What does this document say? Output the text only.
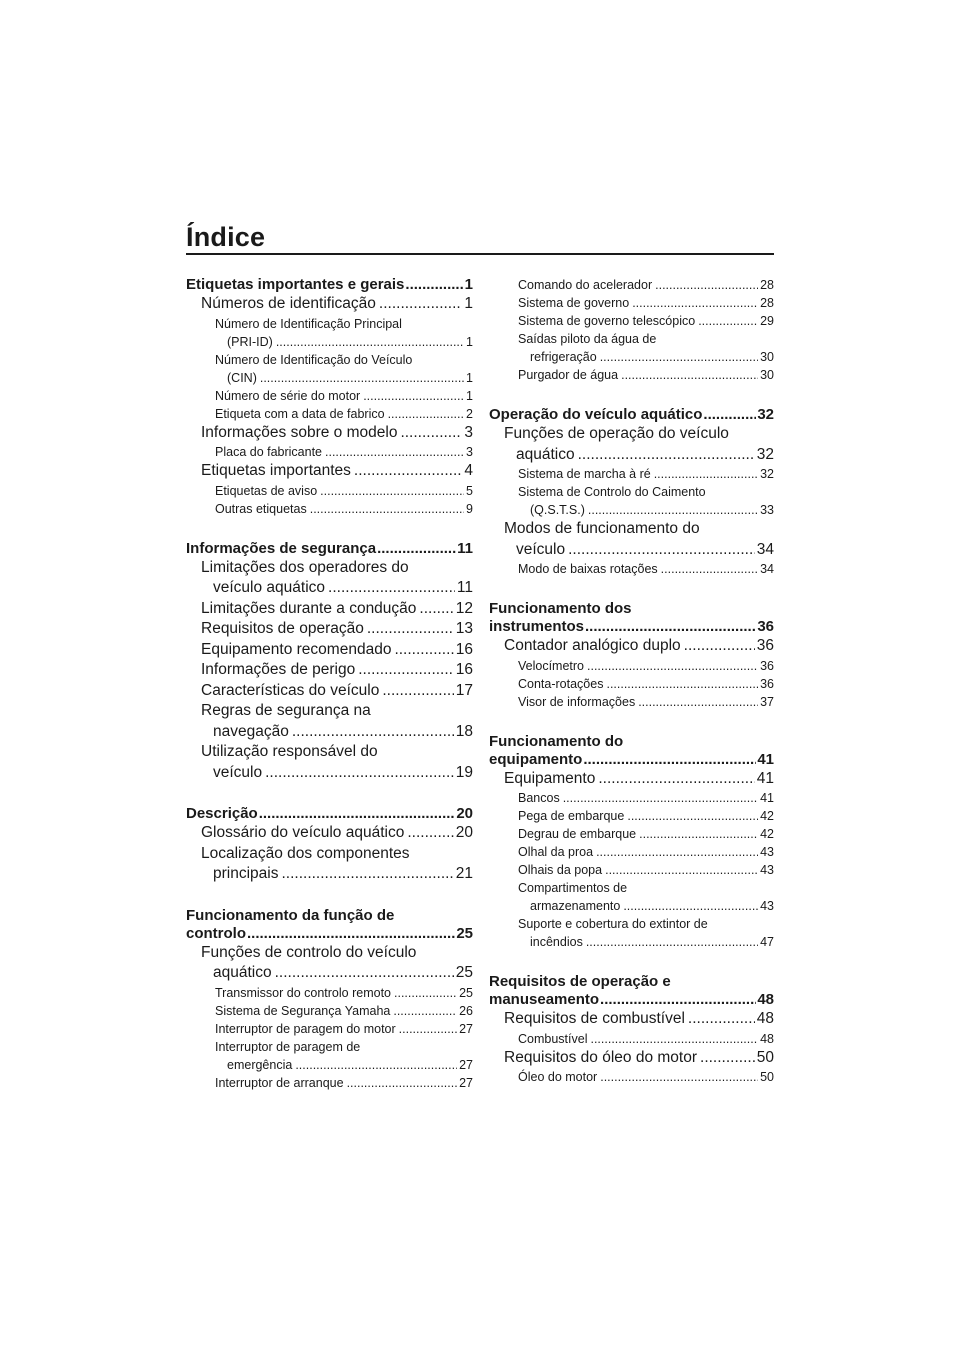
Índice
Etiquetas importantes e gerais .....	1
Números de identificação .....	1
Número de Identificação Principal
(PRI-ID) .....	1
Número de Identificação do Veículo
(CIN) .....	1
Número de série do motor .....	1
Etiqueta com a data de fabrico .....	2
Informações sobre o modelo .....	3
Placa do fabricante .....	3
Etiquetas importantes .....	4
Etiquetas de aviso .....	5
Outras etiquetas .....	9
Informações de segurança .....	11
Limitações dos operadores do
veículo aquático .....	11
Limitações durante a condução .....	12
Requisitos de operação .....	13
Equipamento recomendado .....	16
Informações de perigo .....	16
Características do veículo .....	17
Regras de segurança na
navegação .....	18
Utilização responsável do
veículo .....	19
Descrição .....	20
Glossário do veículo aquático .....	20
Localização dos componentes
principais .....	21
Funcionamento da função de
controlo .....	25
Funções de controlo do veículo
aquático .....	25
Transmissor do controlo remoto .....	25
Sistema de Segurança Yamaha .....	26
Interruptor de paragem do motor .....	27
Interruptor de paragem de
emergência .....	27
Interruptor de arranque .....	27
Comando do acelerador .....	28
Sistema de governo .....	28
Sistema de governo telescópico .....	29
Saídas piloto da água de
refrigeração .....	30
Purgador de água .....	30
Operação do veículo aquático .....	32
Funções de operação do veículo
aquático .....	32
Sistema de marcha à ré .....	32
Sistema de Controlo do Caimento
(Q.S.T.S.) .....	33
Modos de funcionamento do
veículo .....	34
Modo de baixas rotações .....	34
Funcionamento dos
instrumentos .....	36
Contador analógico duplo .....	36
Velocímetro .....	36
Conta-rotações .....	36
Visor de informações .....	37
Funcionamento do
equipamento .....	41
Equipamento .....	41
Bancos .....	41
Pega de embarque .....	42
Degrau de embarque .....	42
Olhal da proa .....	43
Olhais da popa .....	43
Compartimentos de
armazenamento .....	43
Suporte e cobertura do extintor de
incêndios .....	47
Requisitos de operação e
manuseamento .....	48
Requisitos de combustível .....	48
Combustível .....	48
Requisitos do óleo do motor .....	50
Óleo do motor .....	50
